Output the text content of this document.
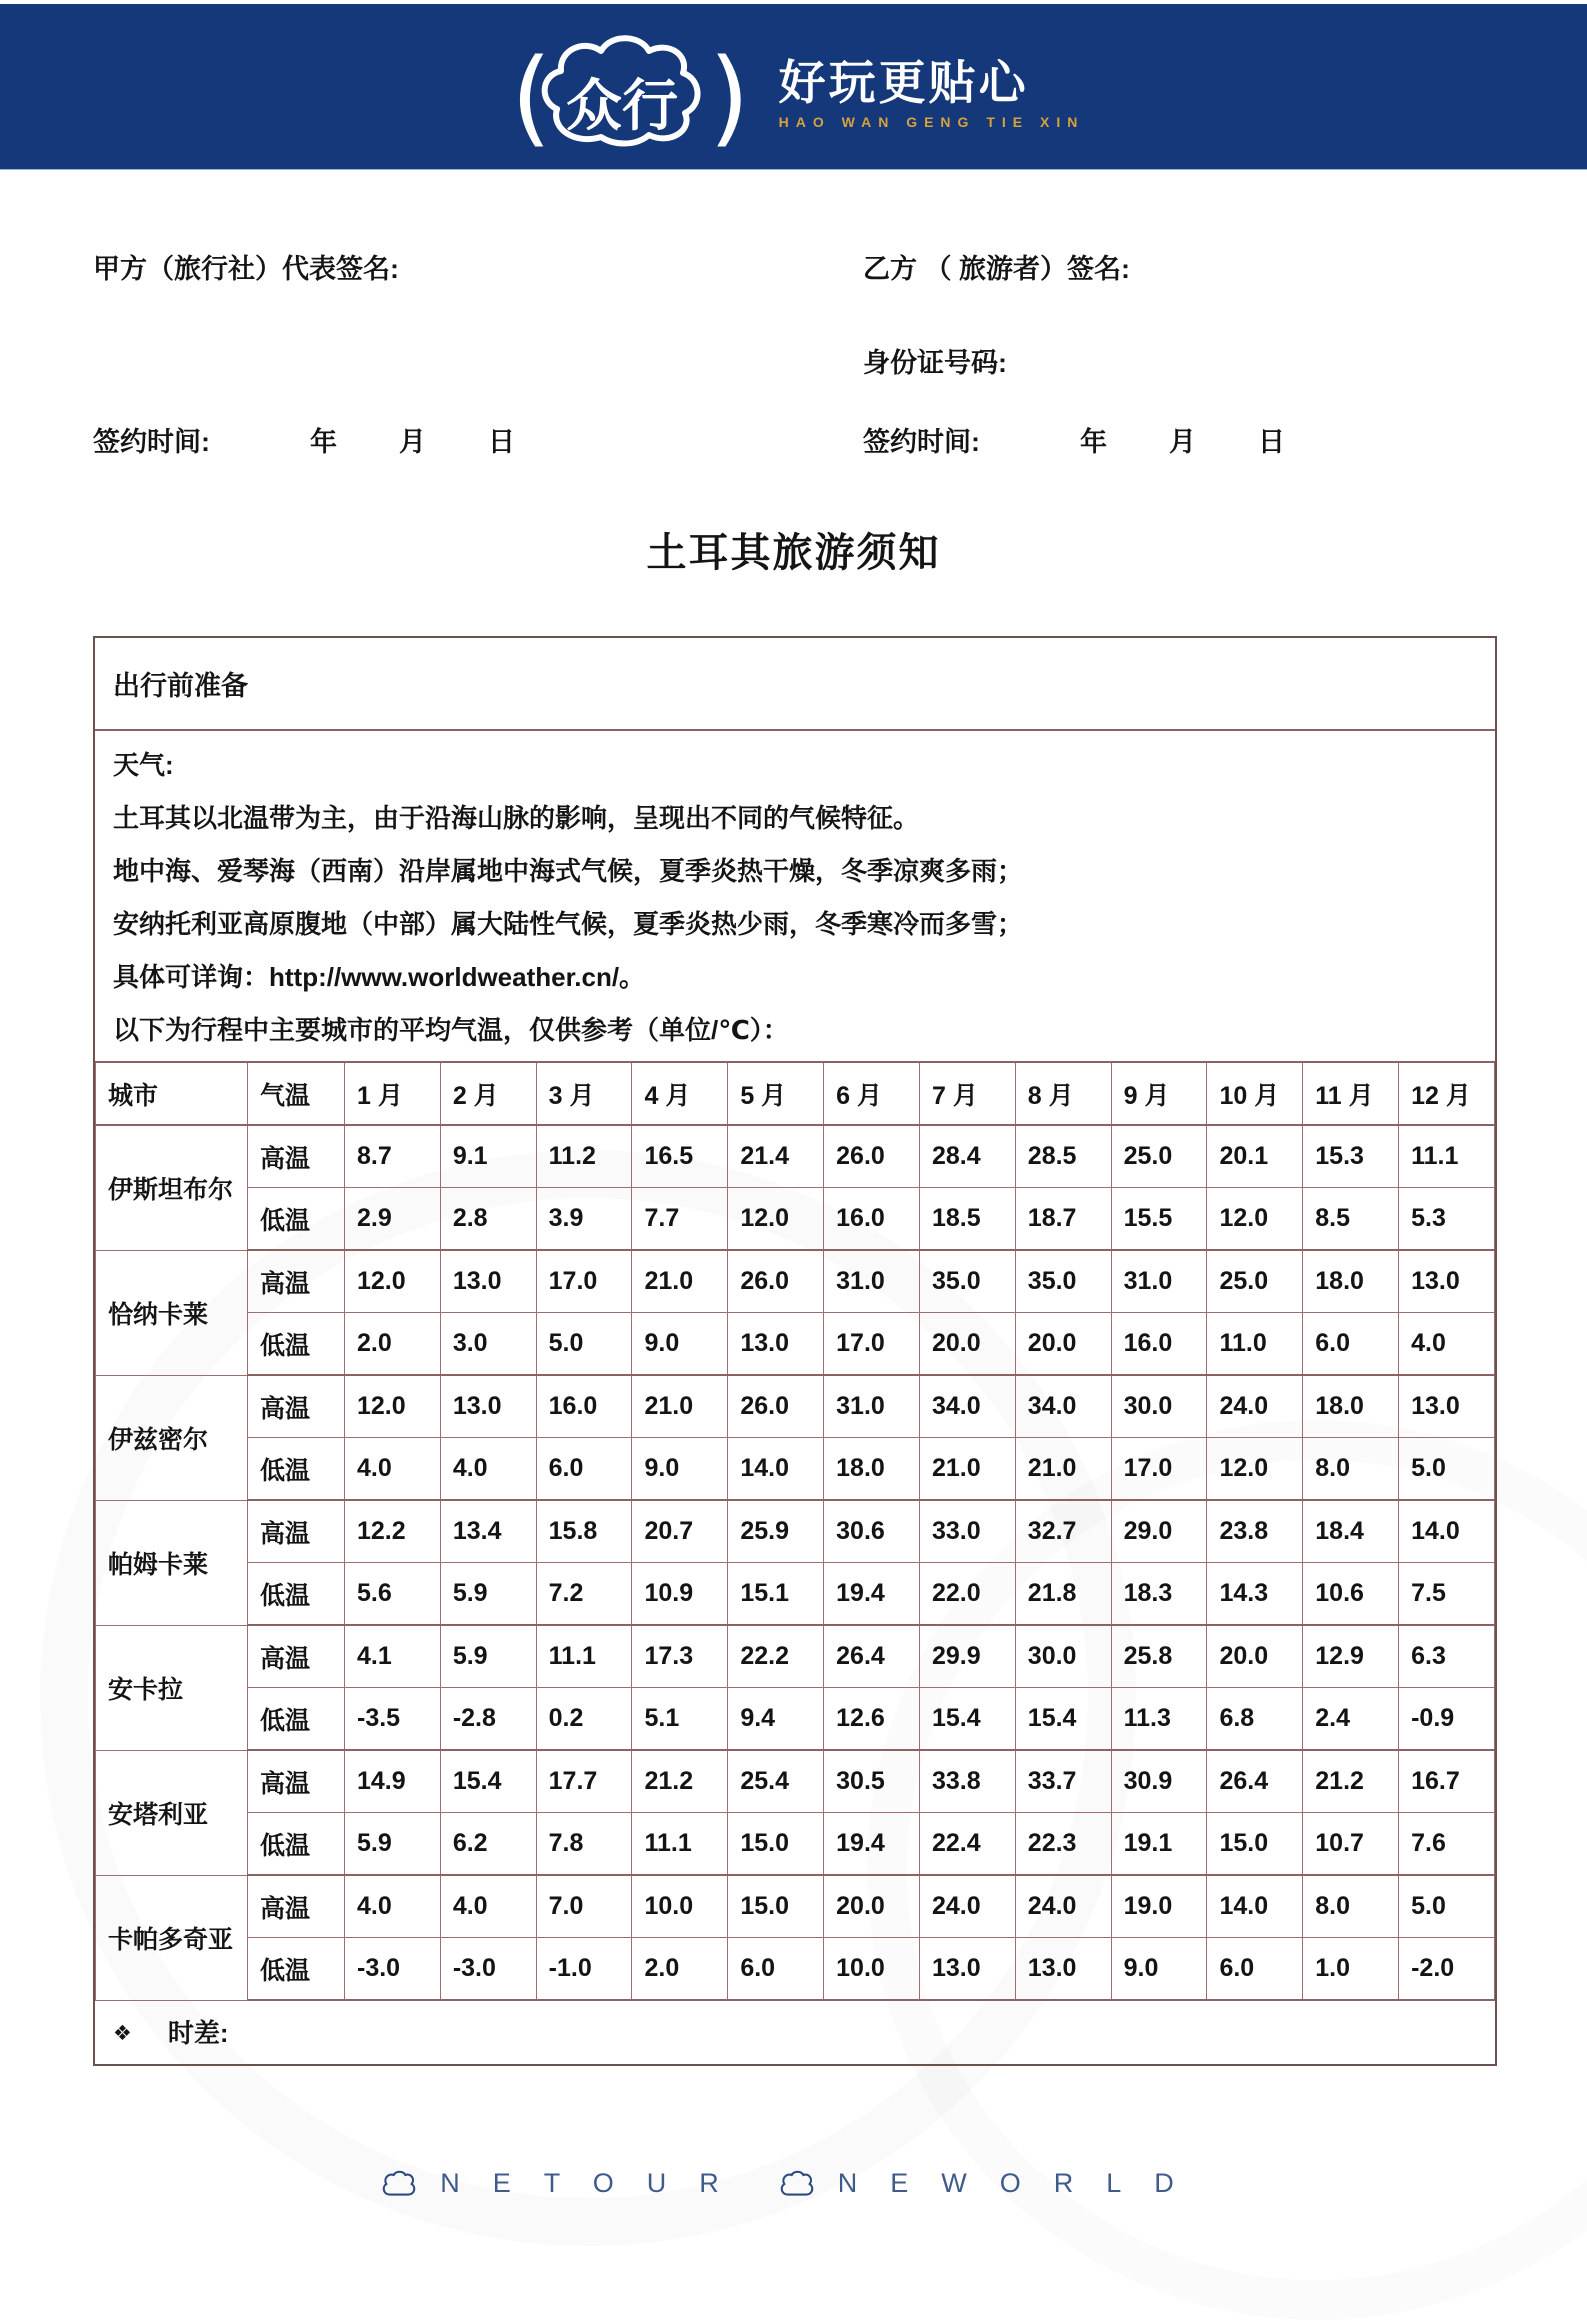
( 众行 ) 好玩更贴心
HAO WAN GENG TIE XIN
甲方（旅行社）代表签名:	乙方 （ 旅游者）签名:
身份证号码:
签约时间:	年 月 日	签约时间:	年 月 日
土耳其旅游须知
出行前准备

天气:

土耳其以北温带为主，由于沿海山脉的影响，呈现出不同的气候特征。

地中海、爱琴海（西南）沿岸属地中海式气候，夏季炎热干燥，冬季凉爽多雨；

安纳托利亚高原腹地（中部）属大陆性气候，夏季炎热少雨，冬季寒冷而多雪；

具体可详询：http://www.worldweather.cn/。

以下为行程中主要城市的平均气温，仅供参考（单位/℃）：

城市	气温	1 月	2 月	3 月	4 月	5 月	6 月	7 月	8 月	9 月	10 月	11 月	12 月
伊斯坦布尔	高温	8.7	9.1	11.2	16.5	21.4	26.0	28.4	28.5	25.0	20.1	15.3	11.1
	低温	2.9	2.8	3.9	7.7	12.0	16.0	18.5	18.7	15.5	12.0	8.5	5.3
恰纳卡莱	高温	12.0	13.0	17.0	21.0	26.0	31.0	35.0	35.0	31.0	25.0	18.0	13.0
	低温	2.0	3.0	5.0	9.0	13.0	17.0	20.0	20.0	16.0	11.0	6.0	4.0
伊兹密尔	高温	12.0	13.0	16.0	21.0	26.0	31.0	34.0	34.0	30.0	24.0	18.0	13.0
	低温	4.0	4.0	6.0	9.0	14.0	18.0	21.0	21.0	17.0	12.0	8.0	5.0
帕姆卡莱	高温	12.2	13.4	15.8	20.7	25.9	30.6	33.0	32.7	29.0	23.8	18.4	14.0
	低温	5.6	5.9	7.2	10.9	15.1	19.4	22.0	21.8	18.3	14.3	10.6	7.5
安卡拉	高温	4.1	5.9	11.1	17.3	22.2	26.4	29.9	30.0	25.8	20.0	12.9	6.3
	低温	-3.5	-2.8	0.2	5.1	9.4	12.6	15.4	15.4	11.3	6.8	2.4	-0.9
安塔利亚	高温	14.9	15.4	17.7	21.2	25.4	30.5	33.8	33.7	30.9	26.4	21.2	16.7
	低温	5.9	6.2	7.8	11.1	15.0	19.4	22.4	22.3	19.1	15.0	10.7	7.6
卡帕多奇亚	高温	4.0	4.0	7.0	10.0	15.0	20.0	24.0	24.0	19.0	14.0	8.0	5.0
	低温	-3.0	-3.0	-1.0	2.0	6.0	10.0	13.0	13.0	9.0	6.0	1.0	-2.0
❖ 时差:
NETOUR	NEWORLD
